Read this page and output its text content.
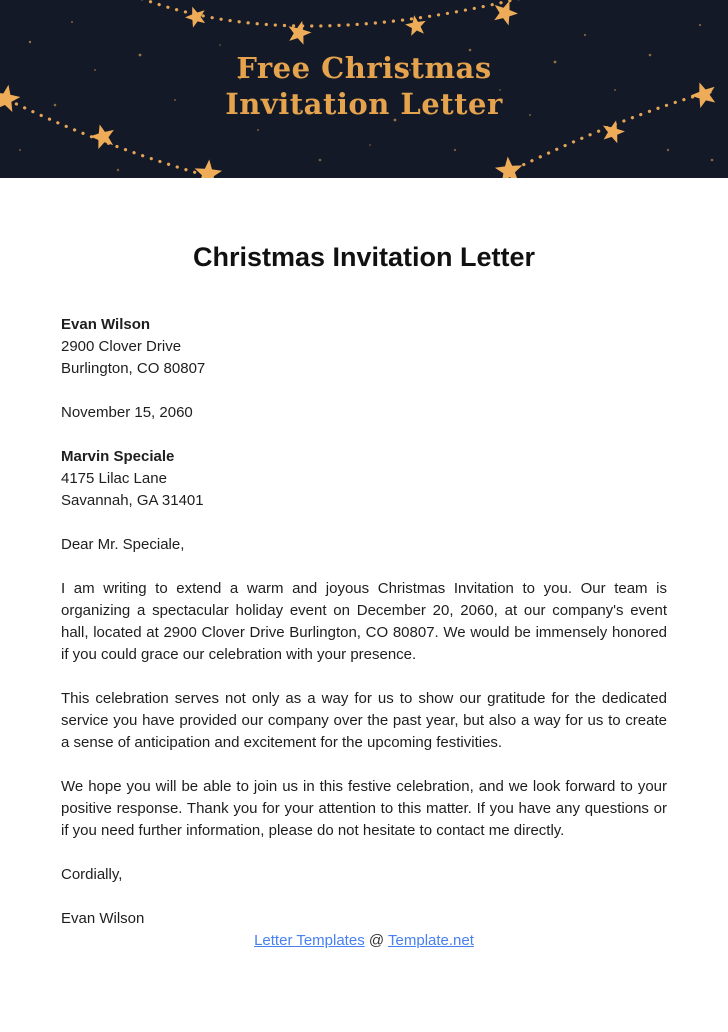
Free Christmas
Invitation Letter
Christmas Invitation Letter
Evan Wilson
2900 Clover Drive
Burlington, CO 80807
November 15, 2060
Marvin Speciale
4175 Lilac Lane
Savannah, GA 31401
Dear Mr. Speciale,

I am writing to extend a warm and joyous Christmas Invitation to you. Our team is organizing a spectacular holiday event on December 20, 2060, at our company's event hall, located at 2900 Clover Drive Burlington, CO 80807. We would be immensely honored if you could grace our celebration with your presence.

This celebration serves not only as a way for us to show our gratitude for the dedicated service you have provided our company over the past year, but also a way for us to create a sense of anticipation and excitement for the upcoming festivities.

We hope you will be able to join us in this festive celebration, and we look forward to your positive response. Thank you for your attention to this matter. If you have any questions or if you need further information, please do not hesitate to contact me directly.

Cordially,
Evan Wilson
Letter Templates @ Template.net
